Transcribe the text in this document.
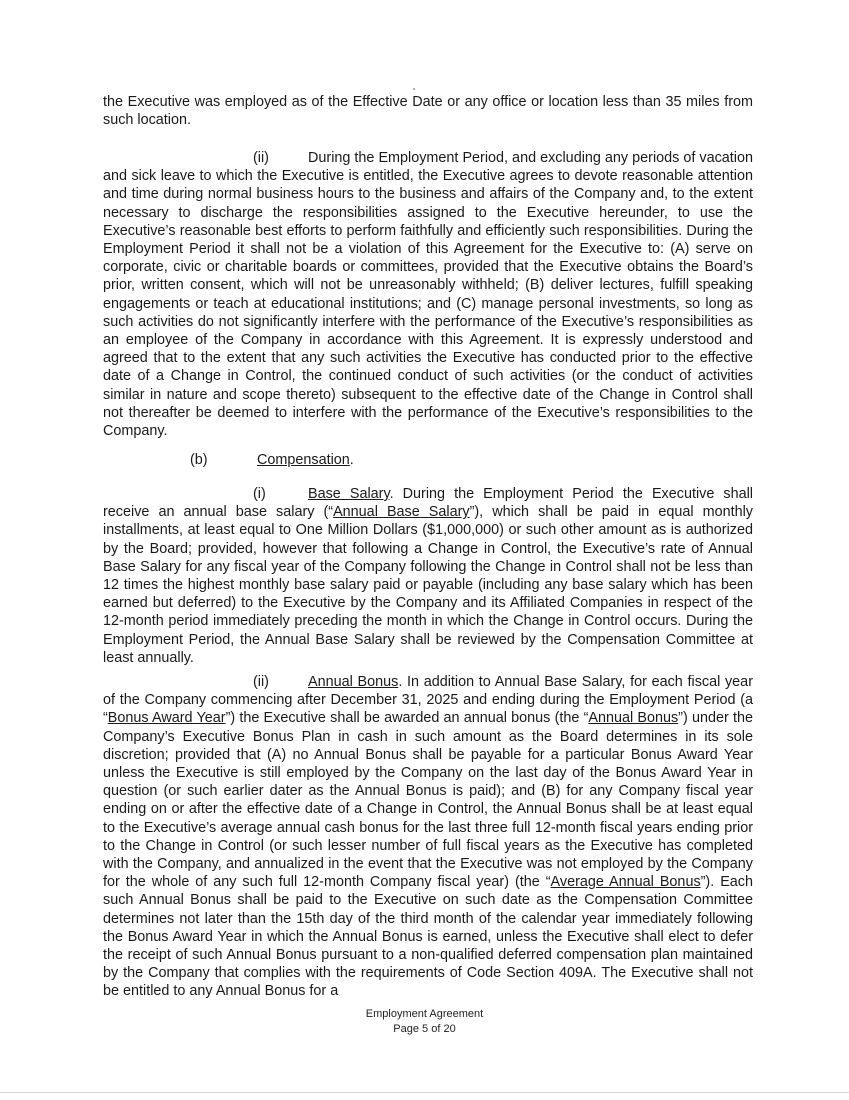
the Executive was employed as of the Effective Date or any office or location less than 35 miles from such location.

(ii)	During the Employment Period, and excluding any periods of vacation and sick leave to which the Executive is entitled, the Executive agrees to devote reasonable attention and time during normal business hours to the business and affairs of the Company and, to the extent necessary to discharge the responsibilities assigned to the Executive hereunder, to use the Executive’s reasonable best efforts to perform faithfully and efficiently such responsibilities. During the Employment Period it shall not be a violation of this Agreement for the Executive to: (A) serve on corporate, civic or charitable boards or committees, provided that the Executive obtains the Board’s prior, written consent, which will not be unreasonably withheld; (B) deliver lectures, fulfill speaking engagements or teach at educational institutions; and (C) manage personal investments, so long as such activities do not significantly interfere with the performance of the Executive’s responsibilities as an employee of the Company in accordance with this Agreement. It is expressly understood and agreed that to the extent that any such activities the Executive has conducted prior to the effective date of a Change in Control, the continued conduct of such activities (or the conduct of activities similar in nature and scope thereto) subsequent to the effective date of the Change in Control shall not thereafter be deemed to interfere with the performance of the Executive’s responsibilities to the Company.

(b)	Compensation.

(i)	Base Salary. During the Employment Period the Executive shall receive an annual base salary (“Annual Base Salary”), which shall be paid in equal monthly installments, at least equal to One Million Dollars ($1,000,000) or such other amount as is authorized by the Board; provided, however that following a Change in Control, the Executive’s rate of Annual Base Salary for any fiscal year of the Company following the Change in Control shall not be less than 12 times the highest monthly base salary paid or payable (including any base salary which has been earned but deferred) to the Executive by the Company and its Affiliated Companies in respect of the 12-month period immediately preceding the month in which the Change in Control occurs. During the Employment Period, the Annual Base Salary shall be reviewed by the Compensation Committee at least annually.

(ii)	Annual Bonus. In addition to Annual Base Salary, for each fiscal year of the Company commencing after December 31, 2025 and ending during the Employment Period (a “Bonus Award Year”) the Executive shall be awarded an annual bonus (the “Annual Bonus”) under the Company’s Executive Bonus Plan in cash in such amount as the Board determines in its sole discretion; provided that (A) no Annual Bonus shall be payable for a particular Bonus Award Year unless the Executive is still employed by the Company on the last day of the Bonus Award Year in question (or such earlier dater as the Annual Bonus is paid); and (B) for any Company fiscal year ending on or after the effective date of a Change in Control, the Annual Bonus shall be at least equal to the Executive’s average annual cash bonus for the last three full 12-month fiscal years ending prior to the Change in Control (or such lesser number of full fiscal years as the Executive has completed with the Company, and annualized in the event that the Executive was not employed by the Company for the whole of any such full 12-month Company fiscal year) (the “Average Annual Bonus”). Each such Annual Bonus shall be paid to the Executive on such date as the Compensation Committee determines not later than the 15th day of the third month of the calendar year immediately following the Bonus Award Year in which the Annual Bonus is earned, unless the Executive shall elect to defer the receipt of such Annual Bonus pursuant to a non-qualified deferred compensation plan maintained by the Company that complies with the requirements of Code Section 409A. The Executive shall not be entitled to any Annual Bonus for a

Employment Agreement
Page 5 of 20
